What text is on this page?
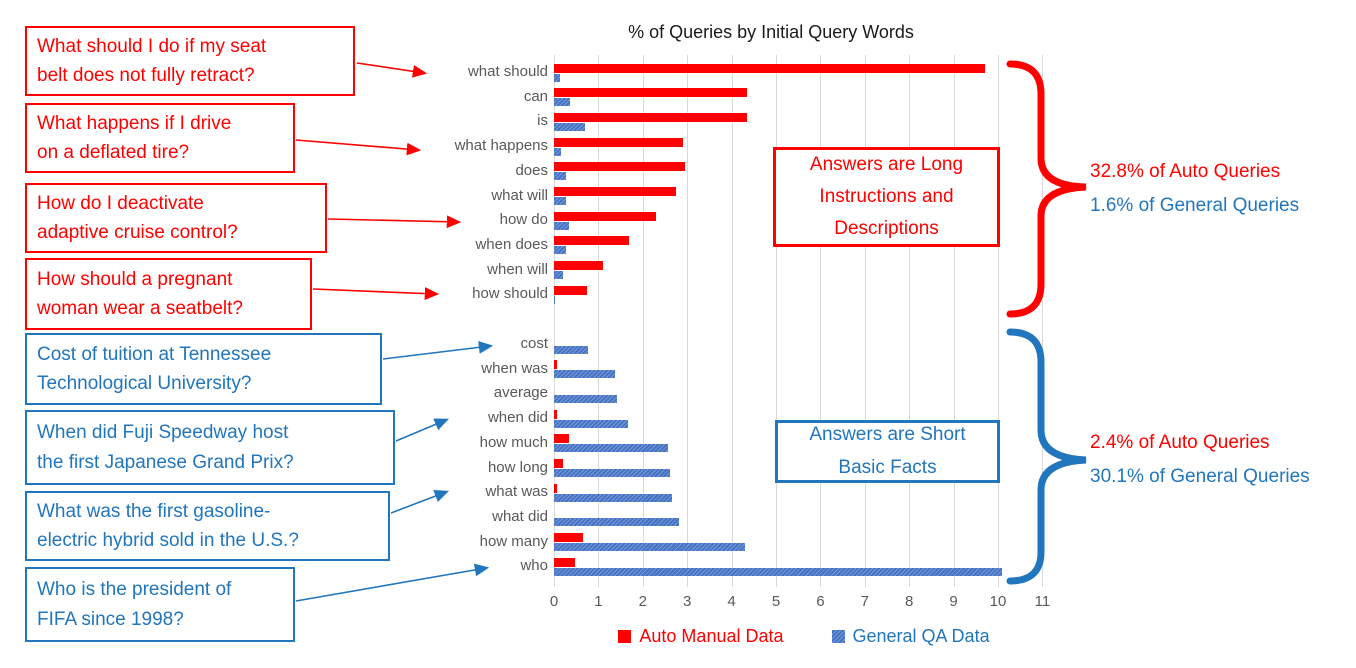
% of Queries by Initial Query Words
What should I do if my seat
belt does not fully retract?
What happens if I drive
on a deflated tire?
How do I deactivate
adaptive cruise control?
How should a pregnant
woman wear a seatbelt?
Cost of tuition at Tennessee
Technological University?
When did Fuji Speedway host
the first Japanese Grand Prix?
What was the first gasoline-
electric hybrid sold in the U.S.?
Who is the president of
FIFA since 1998?
0	1	2	3	4	5	6	7	8	9	10	11
what should
can
is
what happens
does
what will
how do
when does
when will
how should
cost
when was
average
when did
how much
how long
what was
what did
how many
who
Answers are Long Instructions and Descriptions
Answers are Short Basic Facts
32.8% of Auto Queries
1.6% of General Queries
2.4% of Auto Queries
30.1% of General Queries
Auto Manual Data	General QA Data
